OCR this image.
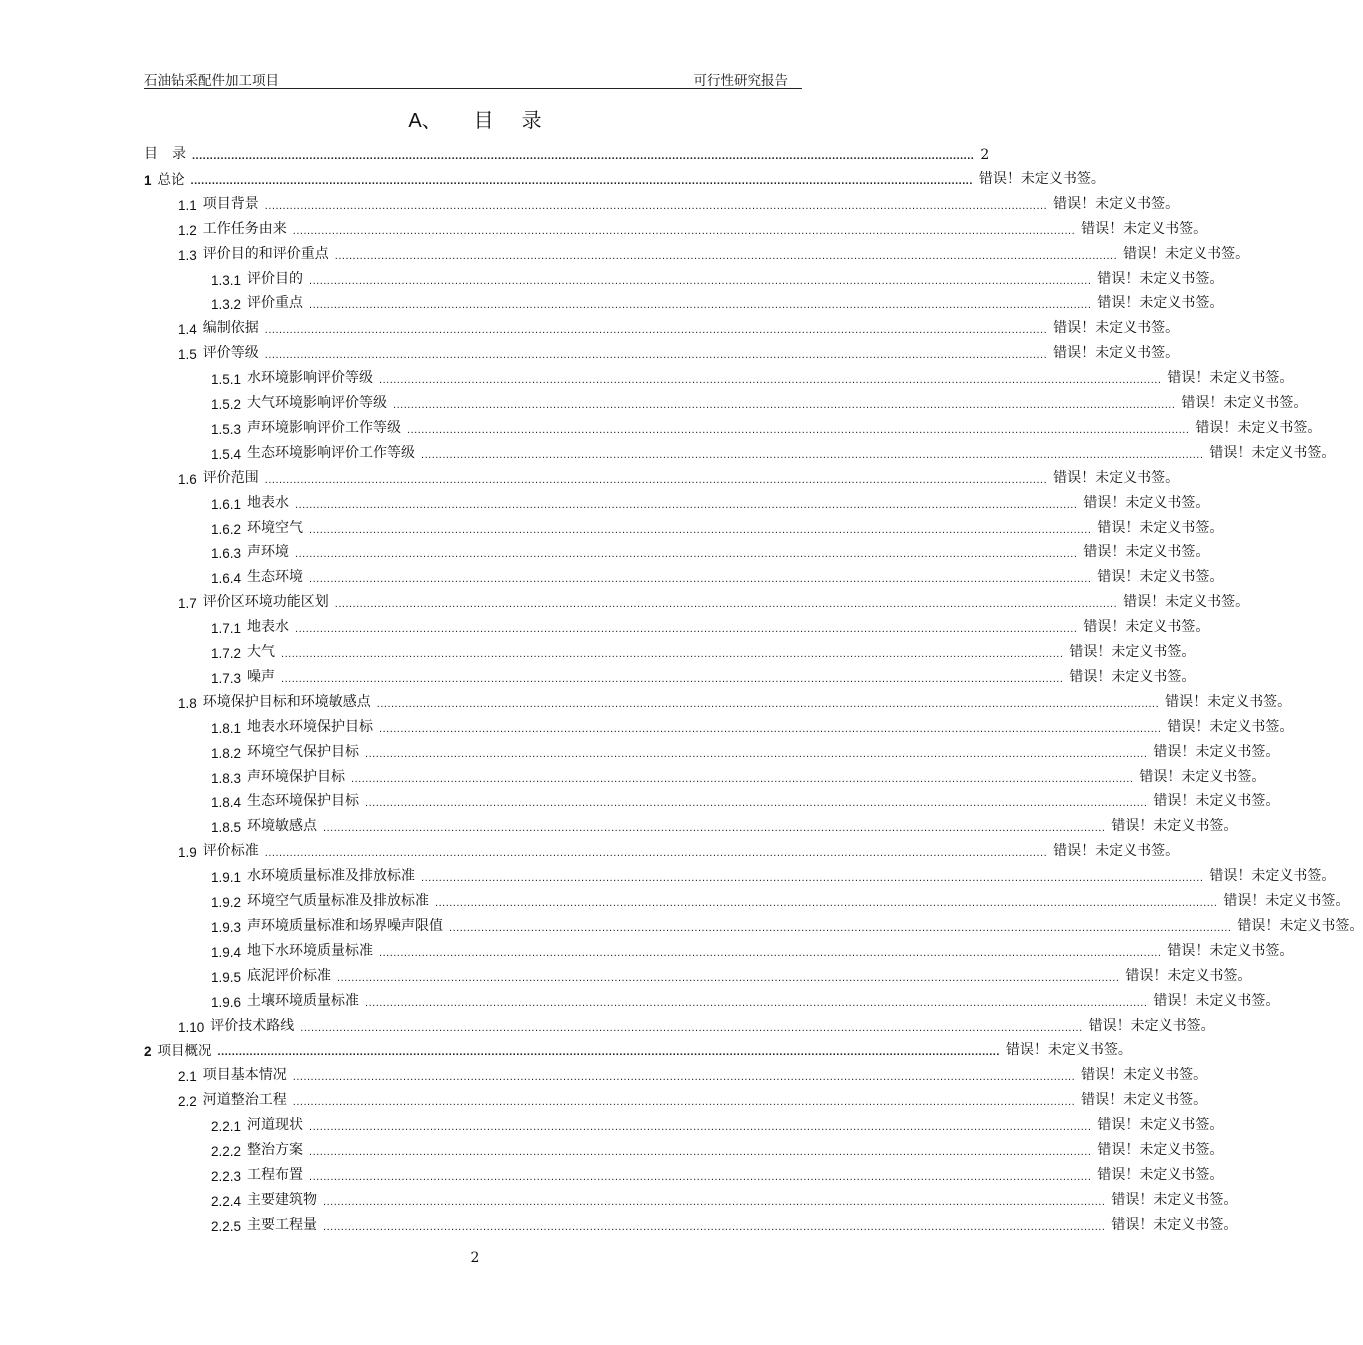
石油钻采配件加工项目	可行性研究报告
A、 目 录
目　录 ............................................................................................................................................................................................................................ 2
1 总论 ............................................................................................................................................................................................................................ 错误！未定义书签。
1.1 项目背景 ............................................................................................................................................................................................................................ 错误！未定义书签。
1.2 工作任务由来 ............................................................................................................................................................................................................................ 错误！未定义书签。
1.3 评价目的和评价重点 ............................................................................................................................................................................................................................ 错误！未定义书签。
1.3.1 评价目的 ............................................................................................................................................................................................................................ 错误！未定义书签。
1.3.2 评价重点 ............................................................................................................................................................................................................................ 错误！未定义书签。
1.4 编制依据 ............................................................................................................................................................................................................................ 错误！未定义书签。
1.5 评价等级 ............................................................................................................................................................................................................................ 错误！未定义书签。
1.5.1 水环境影响评价等级 ............................................................................................................................................................................................................................ 错误！未定义书签。
1.5.2 大气环境影响评价等级 ............................................................................................................................................................................................................................ 错误！未定义书签。
1.5.3 声环境影响评价工作等级 ............................................................................................................................................................................................................................ 错误！未定义书签。
1.5.4 生态环境影响评价工作等级 ............................................................................................................................................................................................................................ 错误！未定义书签。
1.6 评价范围 ............................................................................................................................................................................................................................ 错误！未定义书签。
1.6.1 地表水 ............................................................................................................................................................................................................................ 错误！未定义书签。
1.6.2 环境空气 ............................................................................................................................................................................................................................ 错误！未定义书签。
1.6.3 声环境 ............................................................................................................................................................................................................................ 错误！未定义书签。
1.6.4 生态环境 ............................................................................................................................................................................................................................ 错误！未定义书签。
1.7 评价区环境功能区划 ............................................................................................................................................................................................................................ 错误！未定义书签。
1.7.1 地表水 ............................................................................................................................................................................................................................ 错误！未定义书签。
1.7.2 大气 ............................................................................................................................................................................................................................ 错误！未定义书签。
1.7.3 噪声 ............................................................................................................................................................................................................................ 错误！未定义书签。
1.8 环境保护目标和环境敏感点 ............................................................................................................................................................................................................................ 错误！未定义书签。
1.8.1 地表水环境保护目标 ............................................................................................................................................................................................................................ 错误！未定义书签。
1.8.2 环境空气保护目标 ............................................................................................................................................................................................................................ 错误！未定义书签。
1.8.3 声环境保护目标 ............................................................................................................................................................................................................................ 错误！未定义书签。
1.8.4 生态环境保护目标 ............................................................................................................................................................................................................................ 错误！未定义书签。
1.8.5 环境敏感点 ............................................................................................................................................................................................................................ 错误！未定义书签。
1.9 评价标准 ............................................................................................................................................................................................................................ 错误！未定义书签。
1.9.1 水环境质量标准及排放标准 ............................................................................................................................................................................................................................ 错误！未定义书签。
1.9.2 环境空气质量标准及排放标准 ............................................................................................................................................................................................................................ 错误！未定义书签。
1.9.3 声环境质量标准和场界噪声限值 ............................................................................................................................................................................................................................ 错误！未定义书签。
1.9.4 地下水环境质量标准 ............................................................................................................................................................................................................................ 错误！未定义书签。
1.9.5 底泥评价标准 ............................................................................................................................................................................................................................ 错误！未定义书签。
1.9.6 土壤环境质量标准 ............................................................................................................................................................................................................................ 错误！未定义书签。
1.10 评价技术路线 ............................................................................................................................................................................................................................ 错误！未定义书签。
2 项目概况 ............................................................................................................................................................................................................................ 错误！未定义书签。
2.1 项目基本情况 ............................................................................................................................................................................................................................ 错误！未定义书签。
2.2 河道整治工程 ............................................................................................................................................................................................................................ 错误！未定义书签。
2.2.1 河道现状 ............................................................................................................................................................................................................................ 错误！未定义书签。
2.2.2 整治方案 ............................................................................................................................................................................................................................ 错误！未定义书签。
2.2.3 工程布置 ............................................................................................................................................................................................................................ 错误！未定义书签。
2.2.4 主要建筑物 ............................................................................................................................................................................................................................ 错误！未定义书签。
2.2.5 主要工程量 ............................................................................................................................................................................................................................ 错误！未定义书签。
2
